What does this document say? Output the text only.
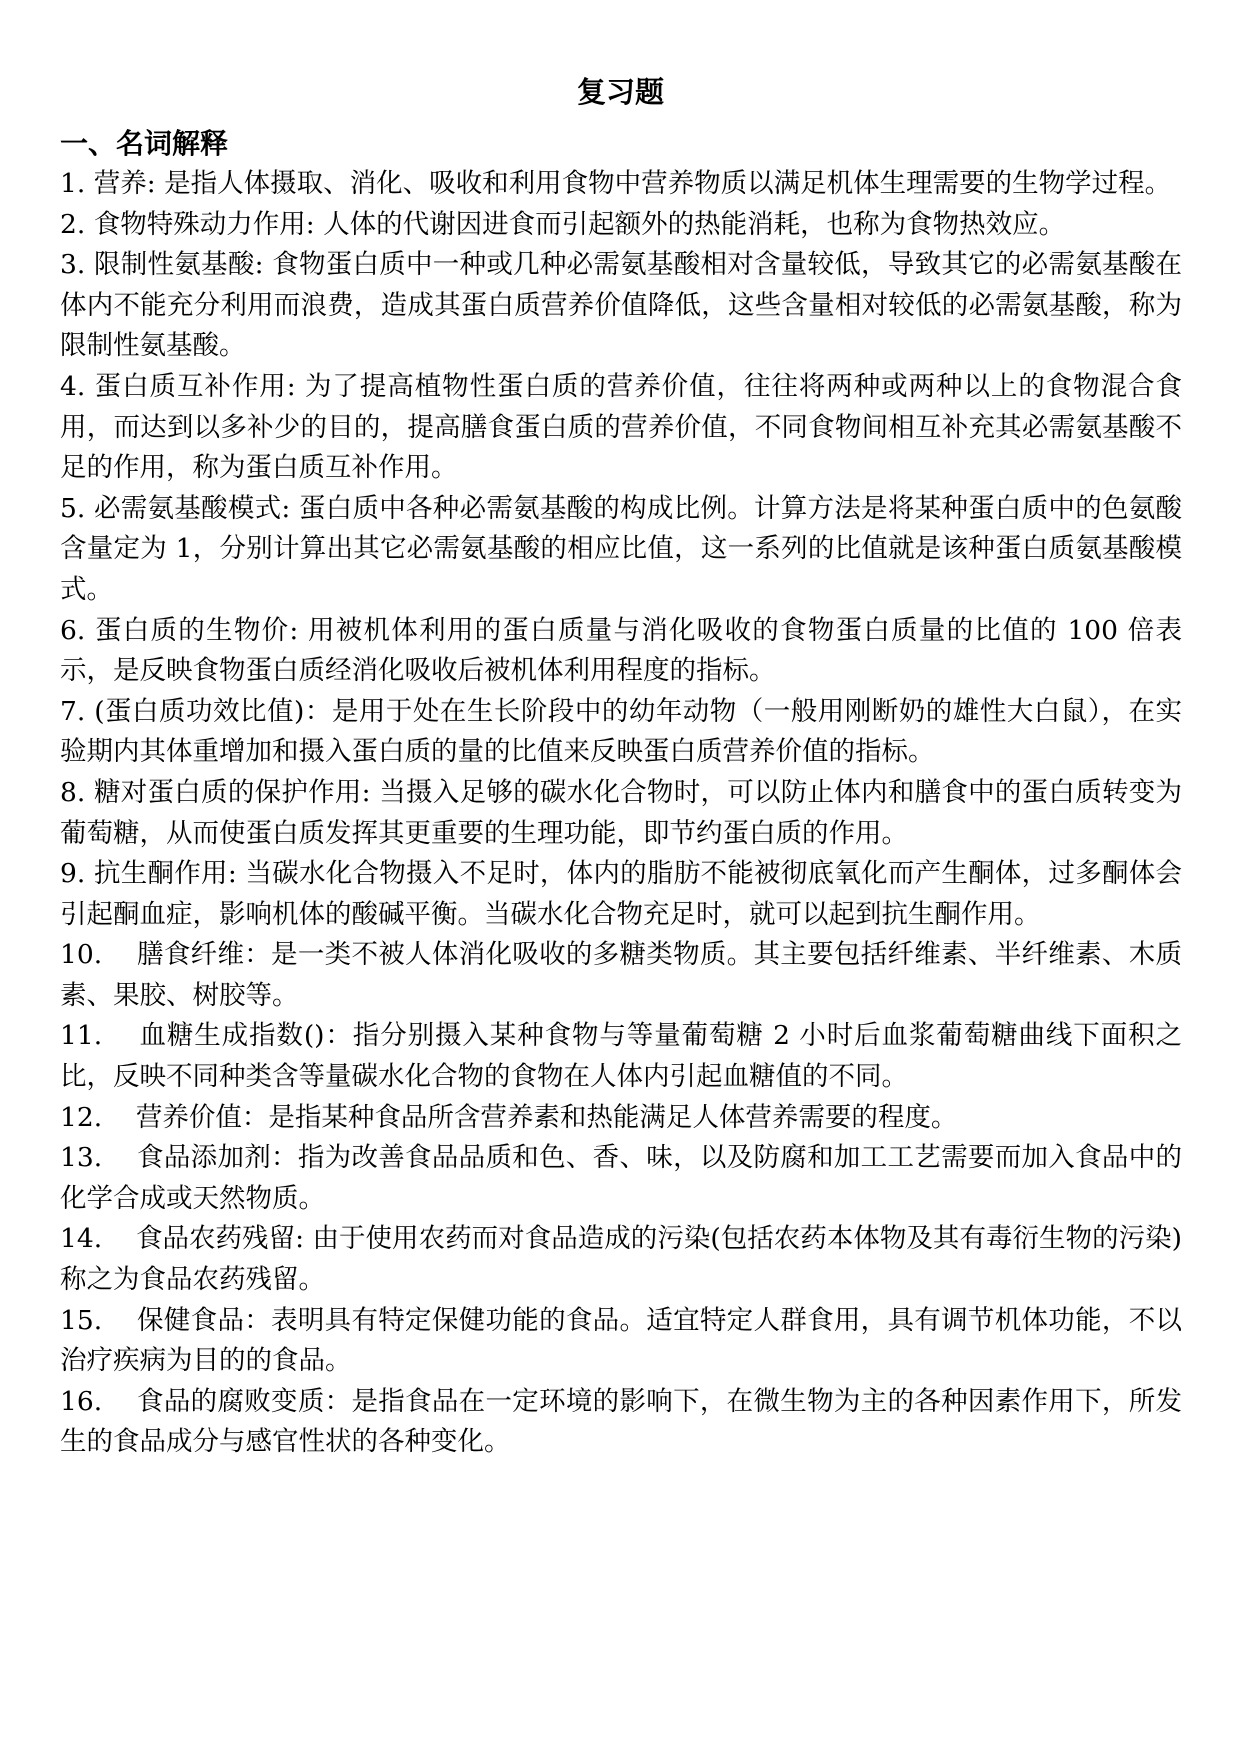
复习题
一、名词解释
1. 营养: 是指人体摄取、消化、吸收和利用食物中营养物质以满足机体生理需要的生物学过程。
2. 食物特殊动力作用: 人体的代谢因进食而引起额外的热能消耗，也称为食物热效应。
3. 限制性氨基酸: 食物蛋白质中一种或几种必需氨基酸相对含量较低，导致其它的必需氨基酸在体内不能充分利用而浪费，造成其蛋白质营养价值降低，这些含量相对较低的必需氨基酸，称为限制性氨基酸。
4. 蛋白质互补作用: 为了提高植物性蛋白质的营养价值，往往将两种或两种以上的食物混合食用，而达到以多补少的目的，提高膳食蛋白质的营养价值，不同食物间相互补充其必需氨基酸不足的作用，称为蛋白质互补作用。
5. 必需氨基酸模式: 蛋白质中各种必需氨基酸的构成比例。计算方法是将某种蛋白质中的色氨酸含量定为 1，分别计算出其它必需氨基酸的相应比值，这一系列的比值就是该种蛋白质氨基酸模式。
6. 蛋白质的生物价: 用被机体利用的蛋白质量与消化吸收的食物蛋白质量的比值的 100 倍表示，是反映食物蛋白质经消化吸收后被机体利用程度的指标。
7. (蛋白质功效比值)：是用于处在生长阶段中的幼年动物（一般用刚断奶的雄性大白鼠），在实验期内其体重增加和摄入蛋白质的量的比值来反映蛋白质营养价值的指标。
8. 糖对蛋白质的保护作用: 当摄入足够的碳水化合物时，可以防止体内和膳食中的蛋白质转变为葡萄糖，从而使蛋白质发挥其更重要的生理功能，即节约蛋白质的作用。
9. 抗生酮作用: 当碳水化合物摄入不足时，体内的脂肪不能被彻底氧化而产生酮体，过多酮体会引起酮血症，影响机体的酸碱平衡。当碳水化合物充足时，就可以起到抗生酮作用。
10.    膳食纤维：是一类不被人体消化吸收的多糖类物质。其主要包括纤维素、半纤维素、木质素、果胶、树胶等。
11.    血糖生成指数()：指分别摄入某种食物与等量葡萄糖 2 小时后血浆葡萄糖曲线下面积之比，反映不同种类含等量碳水化合物的食物在人体内引起血糖值的不同。
12.    营养价值：是指某种食品所含营养素和热能满足人体营养需要的程度。
13.    食品添加剂：指为改善食品品质和色、香、味，以及防腐和加工工艺需要而加入食品中的化学合成或天然物质。
14.    食品农药残留: 由于使用农药而对食品造成的污染(包括农药本体物及其有毒衍生物的污染)称之为食品农药残留。
15.    保健食品：表明具有特定保健功能的食品。适宜特定人群食用，具有调节机体功能，不以治疗疾病为目的的食品。
16.    食品的腐败变质：是指食品在一定环境的影响下，在微生物为主的各种因素作用下，所发生的食品成分与感官性状的各种变化。
